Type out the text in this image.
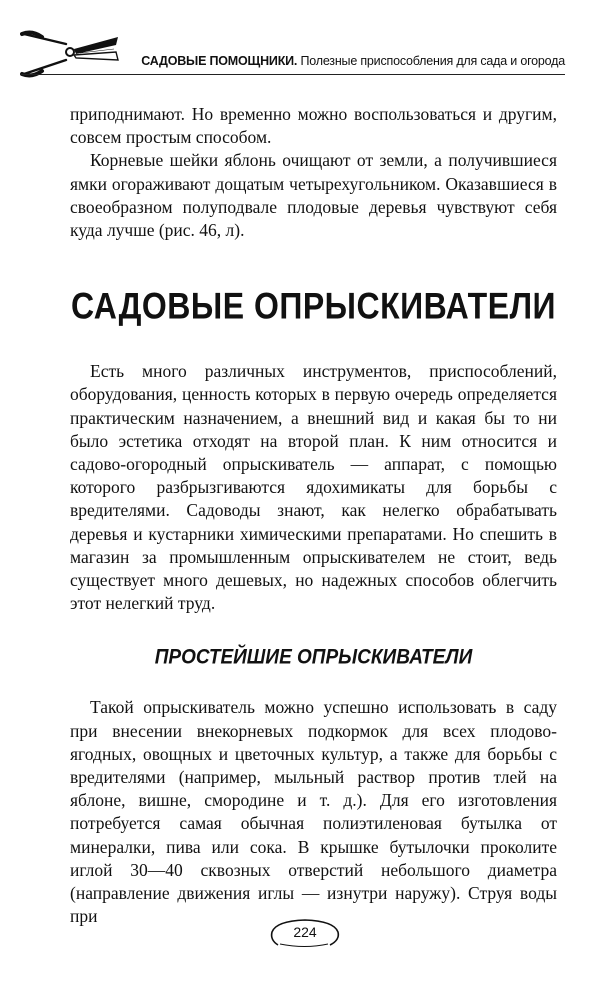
САДОВЫЕ ПОМОЩНИКИ. Полезные приспособления для сада и огорода

приподнимают. Но временно можно воспользоваться и другим, совсем простым способом.

Корневые шейки яблонь очищают от земли, а получившиеся ямки огораживают дощатым четырехугольником. Оказавшиеся в своеобразном полуподвале плодовые деревья чувствуют себя куда лучше (рис. 46, л).

САДОВЫЕ ОПРЫСКИВАТЕЛИ

Есть много различных инструментов, приспособлений, оборудования, ценность которых в первую очередь определяется практическим назначением, а внешний вид и какая бы то ни было эстетика отходят на второй план. К ним относится и садово-огородный опрыскиватель — аппарат, с помощью которого разбрызгиваются ядохимикаты для борьбы с вредителями. Садоводы знают, как нелегко обрабатывать деревья и кустарники химическими препаратами. Но спешить в магазин за промышленным опрыскивателем не стоит, ведь существует много дешевых, но надежных способов облегчить этот нелегкий труд.

ПРОСТЕЙШИЕ ОПРЫСКИВАТЕЛИ

Такой опрыскиватель можно успешно использовать в саду при внесении внекорневых подкормок для всех плодово-ягодных, овощных и цветочных культур, а также для борьбы с вредителями (например, мыльный раствор против тлей на яблоне, вишне, смородине и т. д.). Для его изготовления потребуется самая обычная полиэтиленовая бутылка от минералки, пива или сока. В крышке бутылочки проколите иглой 30—40 сквозных отверстий небольшого диаметра (направление движения иглы — изнутри наружу). Струя воды при

224
